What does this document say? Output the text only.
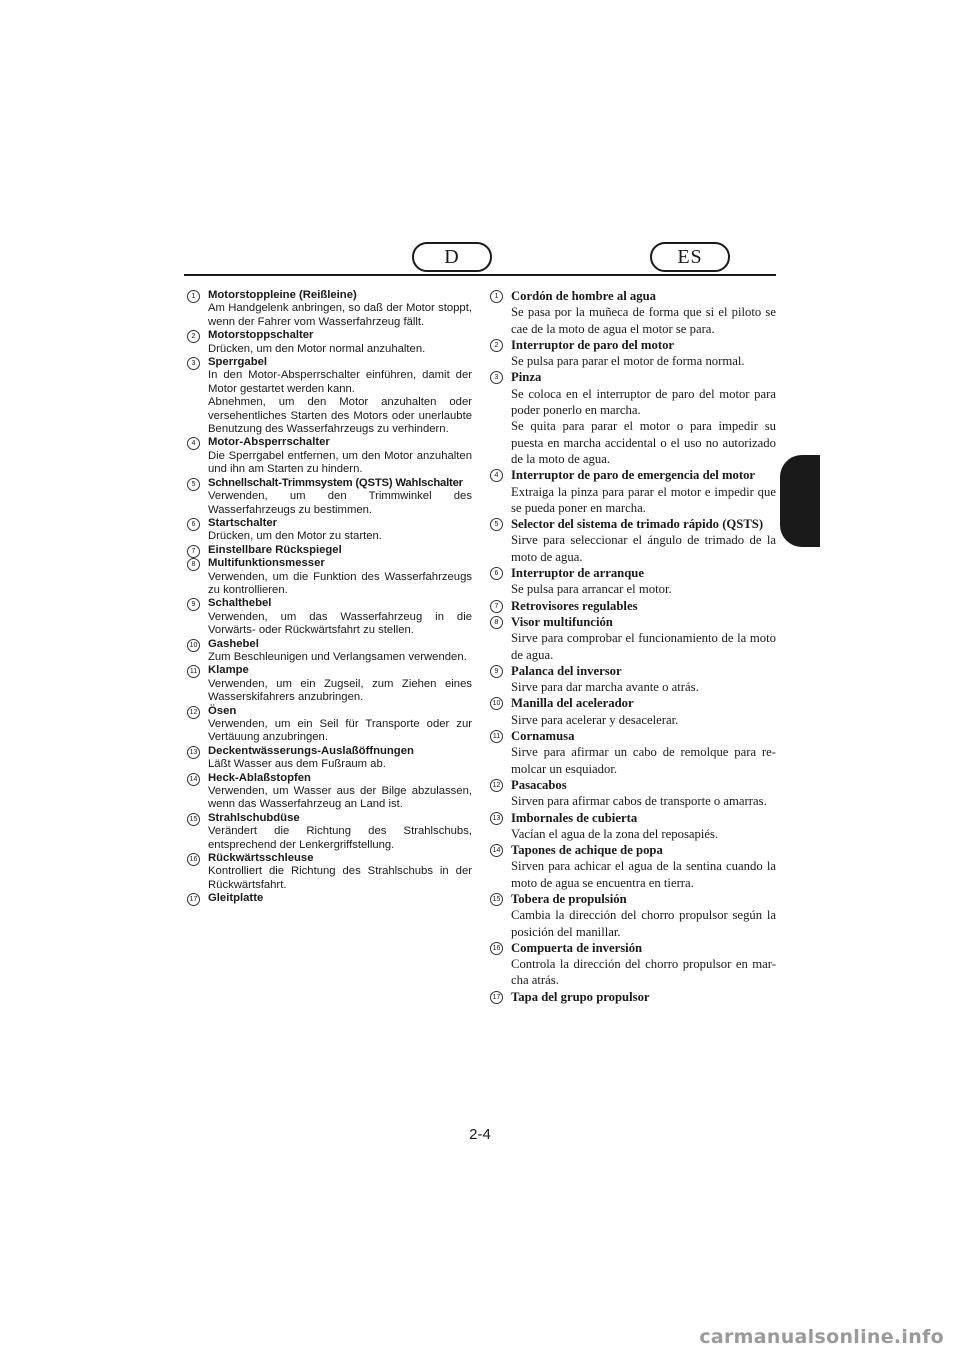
D	ES
1	Motorstoppleine (Reißleine)
Am Handgelenk anbringen, so daß der Motor stoppt, wenn der Fahrer vom Wasserfahrzeug fällt.
2	Motorstoppschalter
Drücken, um den Motor normal anzuhalten.
3	Sperrgabel
In den Motor-Absperrschalter einführen, damit der Motor gestartet werden kann.
Abnehmen, um den Motor anzuhalten oder versehentliches Starten des Motors oder unerlaubte Benutzung des Wasserfahrzeugs zu verhindern.
4	Motor-Absperrschalter
Die Sperrgabel entfernen, um den Motor anzuhalten und ihn am Starten zu hindern.
5	Schnellschalt-Trimmsystem (QSTS) Wahlschalter
Verwenden, um den Trimmwinkel des Wasserfahrzeugs zu bestimmen.
6	Startschalter
Drücken, um den Motor zu starten.
7	Einstellbare Rückspiegel
8	Multifunktionsmesser
Verwenden, um die Funktion des Wasserfahrzeugs zu kontrollieren.
9	Schalthebel
Verwenden, um das Wasserfahrzeug in die Vorwärts- oder Rückwärtsfahrt zu stellen.
10 Gashebel
Zum Beschleunigen und Verlangsamen verwenden.
11 Klampe
Verwenden, um ein Zugseil, zum Ziehen eines Wasserskifahrers anzubringen.
12 Ösen
Verwenden, um ein Seil für Transporte oder zur Vertäuung anzubringen.
13 Deckentwässerungs-Auslaßöffnungen
Läßt Wasser aus dem Fußraum ab.
14 Heck-Ablaßstopfen
Verwenden, um Wasser aus der Bilge abzulassen, wenn das Wasserfahrzeug an Land ist.
15 Strahlschubdüse
Verändert die Richtung des Strahlschubs, entsprechend der Lenkergriffstellung.
16 Rückwärtsschleuse
Kontrolliert die Richtung des Strahlschubs in der Rückwärtsfahrt.
17 Gleitplatte
1 Cordón de hombre al agua
Se pasa por la muñeca de forma que si el piloto se cae de la moto de agua el motor se para.
2 Interruptor de paro del motor
Se pulsa para parar el motor de forma normal.
3 Pinza
Se coloca en el interruptor de paro del motor para poder ponerlo en marcha.
Se quita para parar el motor o para impedir su puesta en marcha accidental o el uso no autorizado de la moto de agua.
4 Interruptor de paro de emergencia del motor
Extraiga la pinza para parar el motor e impedir que se pueda poner en marcha.
5 Selector del sistema de trimado rápido (QSTS)
Sirve para seleccionar el ángulo de trimado de la moto de agua.
6 Interruptor de arranque
Se pulsa para arrancar el motor.
7 Retrovisores regulables
8 Visor multifunción
Sirve para comprobar el funcionamiento de la moto de agua.
9 Palanca del inversor
Sirve para dar marcha avante o atrás.
10 Manilla del acelerador
Sirve para acelerar y desacelerar.
11 Cornamusa
Sirve para afirmar un cabo de remolque para re-molcar un esquiador.
12 Pasacabos
Sirven para afirmar cabos de transporte o amarras.
13 Imbornales de cubierta
Vacían el agua de la zona del reposapiés.
14 Tapones de achique de popa
Sirven para achicar el agua de la sentina cuando la moto de agua se encuentra en tierra.
15 Tobera de propulsión
Cambia la dirección del chorro propulsor según la posición del manillar.
16 Compuerta de inversión
Controla la dirección del chorro propulsor en mar-cha atrás.
17 Tapa del grupo propulsor
2-4
carmanualsonline.info
